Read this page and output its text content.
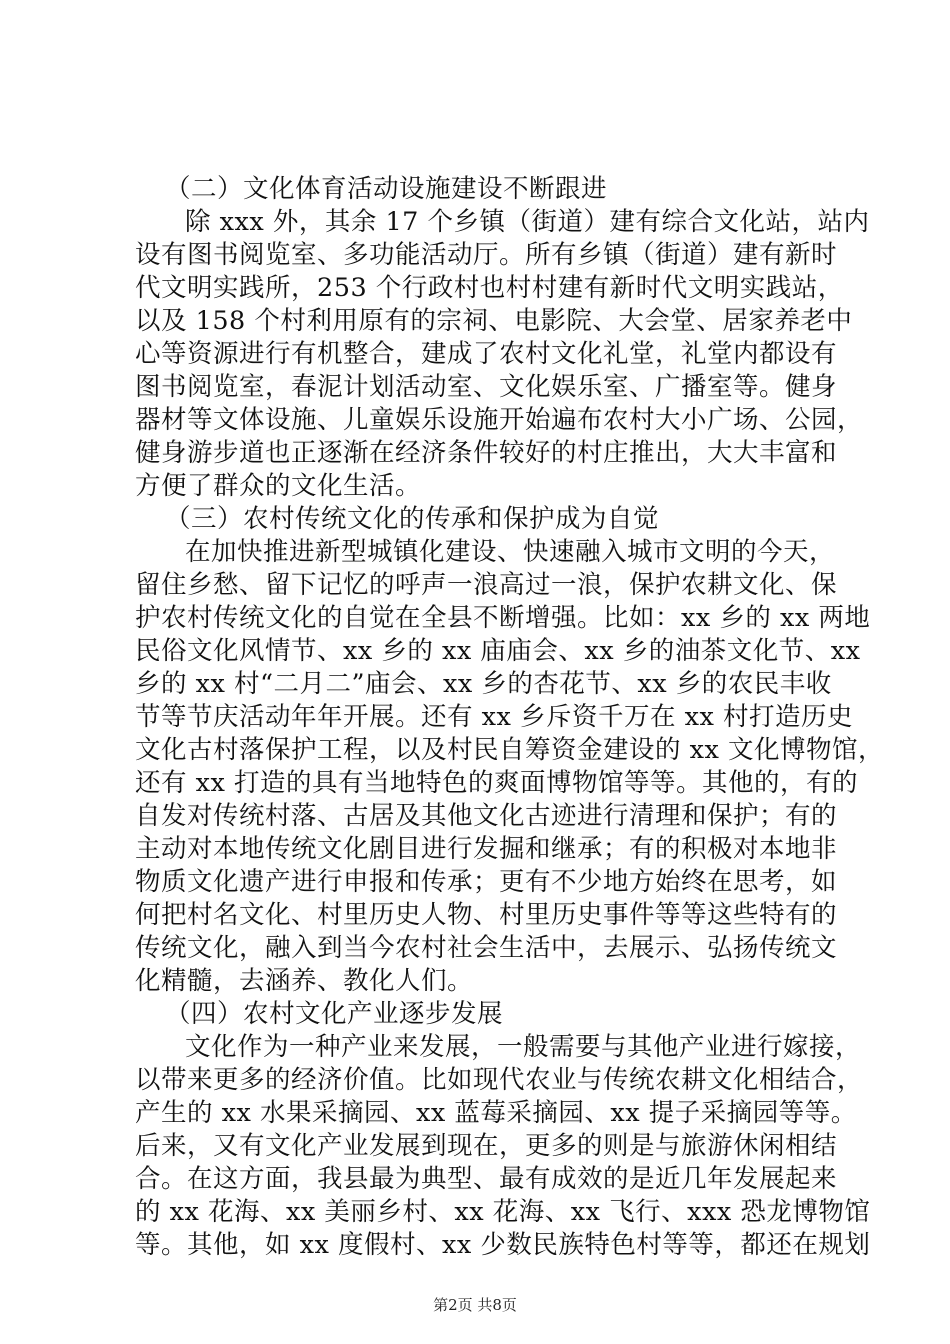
（二）文化体育活动设施建设不断跟进
除 xxx 外，其余 17 个乡镇（街道）建有综合文化站，站内
设有图书阅览室、多功能活动厅。所有乡镇（街道）建有新时
代文明实践所，253 个行政村也村村建有新时代文明实践站，
以及 158 个村利用原有的宗祠、电影院、大会堂、居家养老中
心等资源进行有机整合，建成了农村文化礼堂，礼堂内都设有
图书阅览室，春泥计划活动室、文化娱乐室、广播室等。健身
器材等文体设施、儿童娱乐设施开始遍布农村大小广场、公园，
健身游步道也正逐渐在经济条件较好的村庄推出，大大丰富和
方便了群众的文化生活。
（三）农村传统文化的传承和保护成为自觉
在加快推进新型城镇化建设、快速融入城市文明的今天，
留住乡愁、留下记忆的呼声一浪高过一浪，保护农耕文化、保
护农村传统文化的自觉在全县不断增强。比如：xx 乡的 xx 两地
民俗文化风情节、xx 乡的 xx 庙庙会、xx 乡的油茶文化节、xx
乡的 xx 村“二月二”庙会、xx 乡的杏花节、xx 乡的农民丰收
节等节庆活动年年开展。还有 xx 乡斥资千万在 xx 村打造历史
文化古村落保护工程，以及村民自筹资金建设的 xx 文化博物馆，
还有 xx 打造的具有当地特色的爽面博物馆等等。其他的，有的
自发对传统村落、古居及其他文化古迹进行清理和保护；有的
主动对本地传统文化剧目进行发掘和继承；有的积极对本地非
物质文化遗产进行申报和传承；更有不少地方始终在思考，如
何把村名文化、村里历史人物、村里历史事件等等这些特有的
传统文化，融入到当今农村社会生活中，去展示、弘扬传统文
化精髓，去涵养、教化人们。
（四）农村文化产业逐步发展
文化作为一种产业来发展，一般需要与其他产业进行嫁接，
以带来更多的经济价值。比如现代农业与传统农耕文化相结合，
产生的 xx 水果采摘园、xx 蓝莓采摘园、xx 提子采摘园等等。
后来，又有文化产业发展到现在，更多的则是与旅游休闲相结
合。在这方面，我县最为典型、最有成效的是近几年发展起来
的 xx 花海、xx 美丽乡村、xx 花海、xx 飞行、xxx 恐龙博物馆
等。其他，如 xx 度假村、xx 少数民族特色村等等，都还在规划
第2页 共8页
